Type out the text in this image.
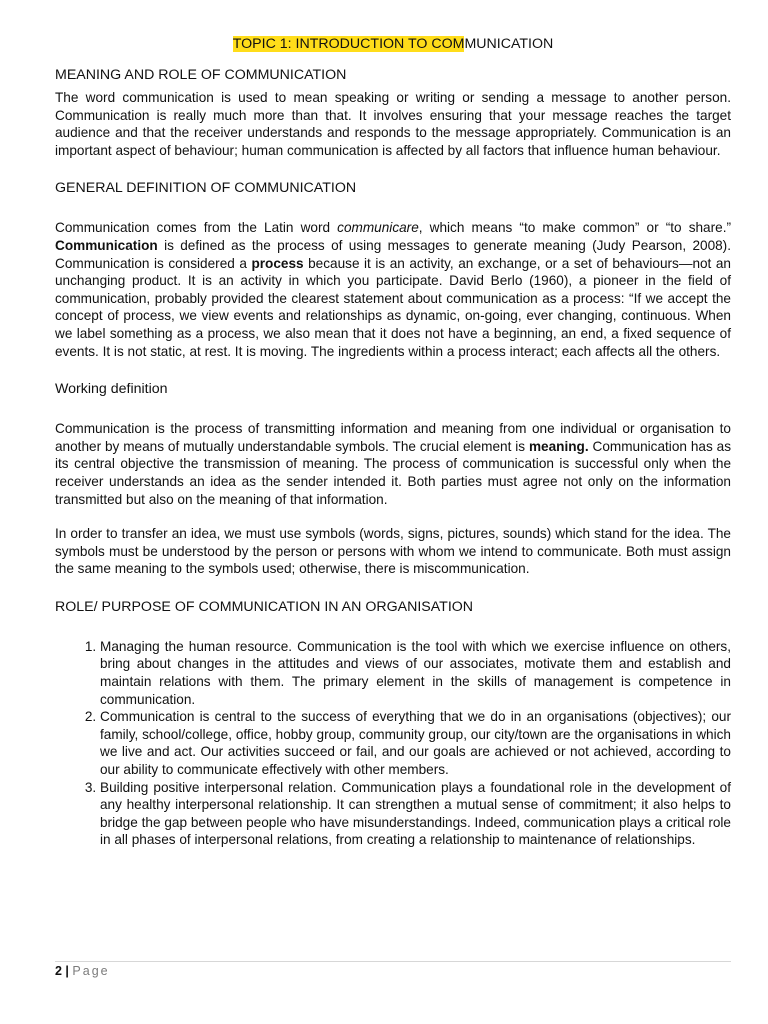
TOPIC 1: INTRODUCTION TO COMMUNICATION
MEANING AND ROLE OF COMMUNICATION

The word communication is used to mean speaking or writing or sending a message to another person. Communication is really much more than that. It involves ensuring that your message reaches the target audience and that the receiver understands and responds to the message appropriately. Communication is an important aspect of behaviour; human communication is affected by all factors that influence human behaviour.

GENERAL DEFINITION OF COMMUNICATION

Communication comes from the Latin word communicare, which means “to make common” or “to share.” Communication is defined as the process of using messages to generate meaning (Judy Pearson, 2008). Communication is considered a process because it is an activity, an exchange, or a set of behaviours—not an unchanging product. It is an activity in which you participate. David Berlo (1960), a pioneer in the field of communication, probably provided the clearest statement about communication as a process: “If we accept the concept of process, we view events and relationships as dynamic, on-going, ever changing, continuous. When we label something as a process, we also mean that it does not have a beginning, an end, a fixed sequence of events. It is not static, at rest. It is moving. The ingredients within a process interact; each affects all the others.

Working definition

Communication is the process of transmitting information and meaning from one individual or organisation to another by means of mutually understandable symbols. The crucial element is meaning. Communication has as its central objective the transmission of meaning. The process of communication is successful only when the receiver understands an idea as the sender intended it. Both parties must agree not only on the information transmitted but also on the meaning of that information.

In order to transfer an idea, we must use symbols (words, signs, pictures, sounds) which stand for the idea. The symbols must be understood by the person or persons with whom we intend to communicate. Both must assign the same meaning to the symbols used; otherwise, there is miscommunication.

ROLE/ PURPOSE OF COMMUNICATION IN AN ORGANISATION
1. Managing the human resource. Communication is the tool with which we exercise influence on others, bring about changes in the attitudes and views of our associates, motivate them and establish and maintain relations with them. The primary element in the skills of management is competence in communication.
2. Communication is central to the success of everything that we do in an organisations (objectives); our family, school/college, office, hobby group, community group, our city/town are the organisations in which we live and act. Our activities succeed or fail, and our goals are achieved or not achieved, according to our ability to communicate effectively with other members.
3. Building positive interpersonal relation. Communication plays a foundational role in the development of any healthy interpersonal relationship. It can strengthen a mutual sense of commitment; it also helps to bridge the gap between people who have misunderstandings. Indeed, communication plays a critical role in all phases of interpersonal relations, from creating a relationship to maintenance of relationships.
2 | Page
